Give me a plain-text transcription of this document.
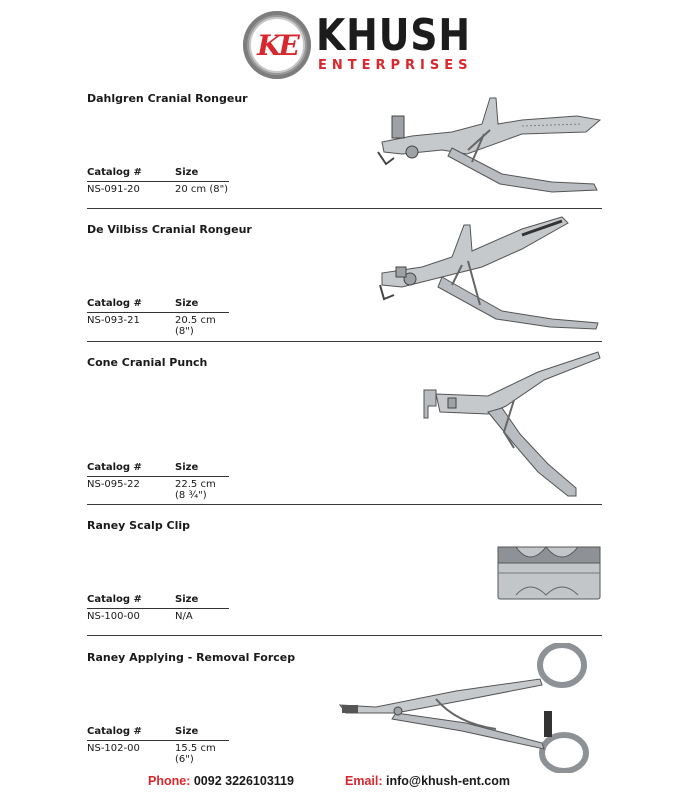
KE KHUSH
ENTERPRISES
Dahlgren Cranial Rongeur
Catalog #	Size
NS-091-20	20 cm (8")
De Vilbiss Cranial Rongeur
Catalog #	Size
NS-093-21	20.5 cm (8")
Cone Cranial Punch
Catalog #	Size
NS-095-22	22.5 cm (8 ¾")
Raney Scalp Clip
Catalog #	Size
NS-100-00	N/A
Raney Applying - Removal Forcep
Catalog #	Size
NS-102-00	15.5 cm (6")
Phone: 0092 3226103119	Email: info@khush-ent.com
